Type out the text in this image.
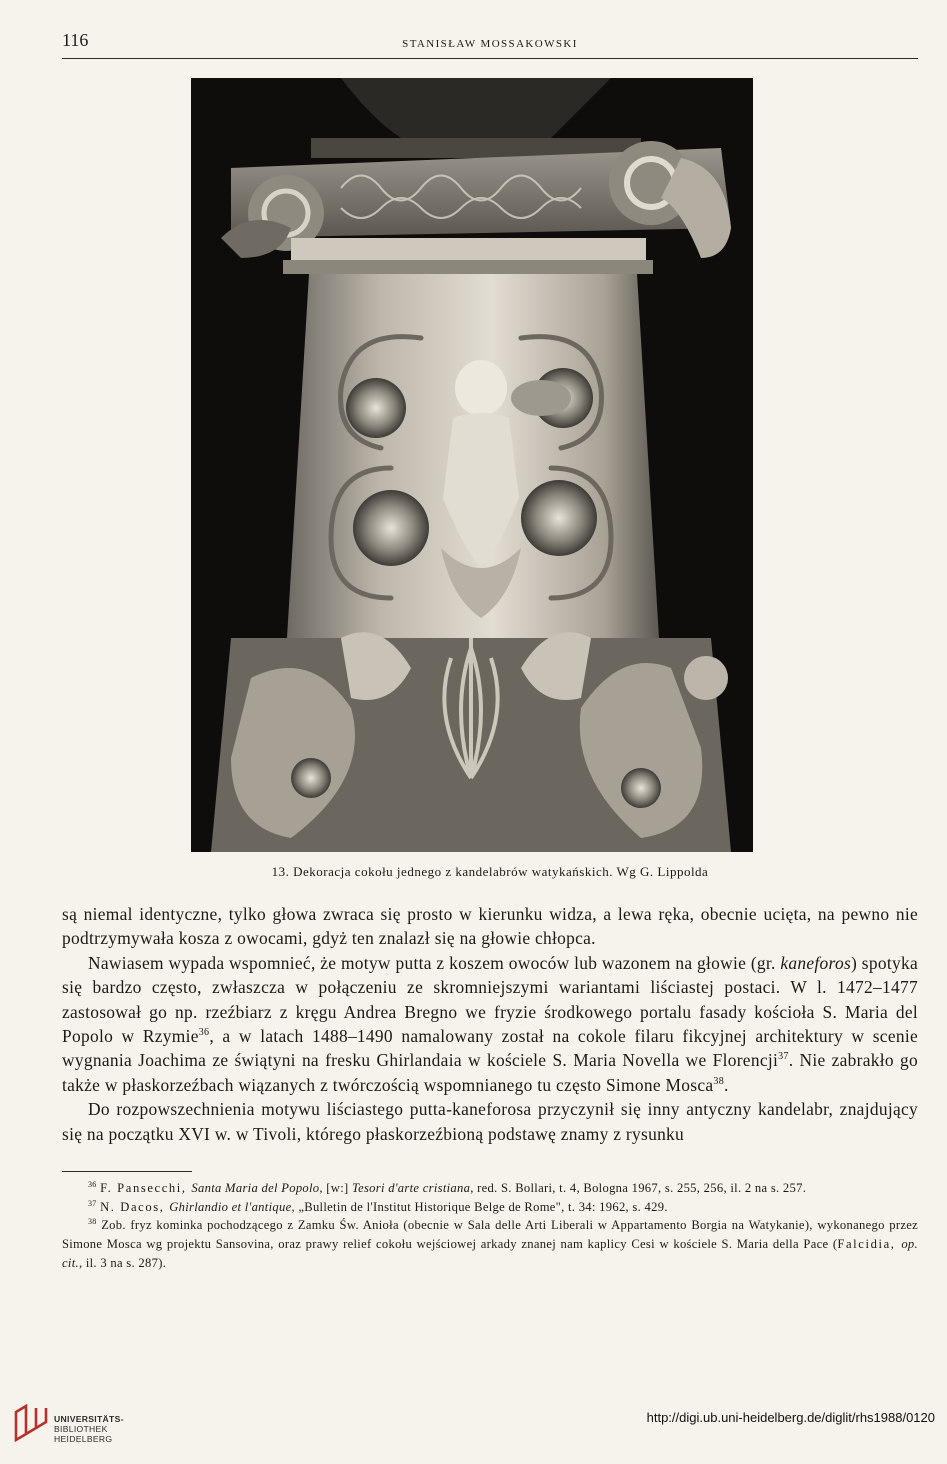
116	STANISŁAW MOSSAKOWSKI
13. Dekoracja cokołu jednego z kandelabrów watykańskich. Wg G. Lippolda

są niemal identyczne, tylko głowa zwraca się prosto w kierunku widza, a lewa ręka, obecnie ucięta, na pewno nie podtrzymywała kosza z owocami, gdyż ten znalazł się na głowie chłopca.

Nawiasem wypada wspomnieć, że motyw putta z koszem owoców lub wazonem na głowie (gr. kaneforos) spotyka się bardzo często, zwłaszcza w połączeniu ze skromniejszymi wariantami liściastej postaci. W l. 1472–1477 zastosował go np. rzeźbiarz z kręgu Andrea Bregno we fryzie środkowego portalu fasady kościoła S. Maria del Popolo w Rzymie$^{36}$, a w latach 1488–1490 namalowany został na cokole filaru fikcyjnej architektury w scenie wygnania Joachima ze świątyni na fresku Ghirlandaia w kościele S. Maria Novella we Florencji$^{37}$. Nie zabrakło go także w płaskorzeźbach wiązanych z twórczością wspomnianego tu często Simone Mosca$^{38}$.

Do rozpowszechnienia motywu liściastego putta-kaneforosa przyczynił się inny antyczny kandelabr, znajdujący się na początku XVI w. w Tivoli, którego płaskorzeźbioną podstawę znamy z rysunku

$^{36}$ F. Pansecchi, Santa Maria del Popolo, [w:] Tesori d'arte cristiana, red. S. Bollari, t. 4, Bologna 1967, s. 255, 256, il. 2 na s. 257.

$^{37}$ N. Dacos, Ghirlandio et l'antique, „Bulletin de l'Institut Historique Belge de Rome", t. 34: 1962, s. 429.

$^{38}$ Zob. fryz kominka pochodzącego z Zamku Św. Anioła (obecnie w Sala delle Arti Liberali w Appartamento Borgia na Watykanie), wykonanego przez Simone Mosca wg projektu Sansovina, oraz prawy relief cokołu wejściowej arkady znanej nam kaplicy Cesi w kościele S. Maria della Pace (Falcidia, op. cit., il. 3 na s. 287).

UNIVERSITÄTS-
BIBLIOTHEK
HEIDELBERG
http://digi.ub.uni-heidelberg.de/diglit/rhs1988/0120
